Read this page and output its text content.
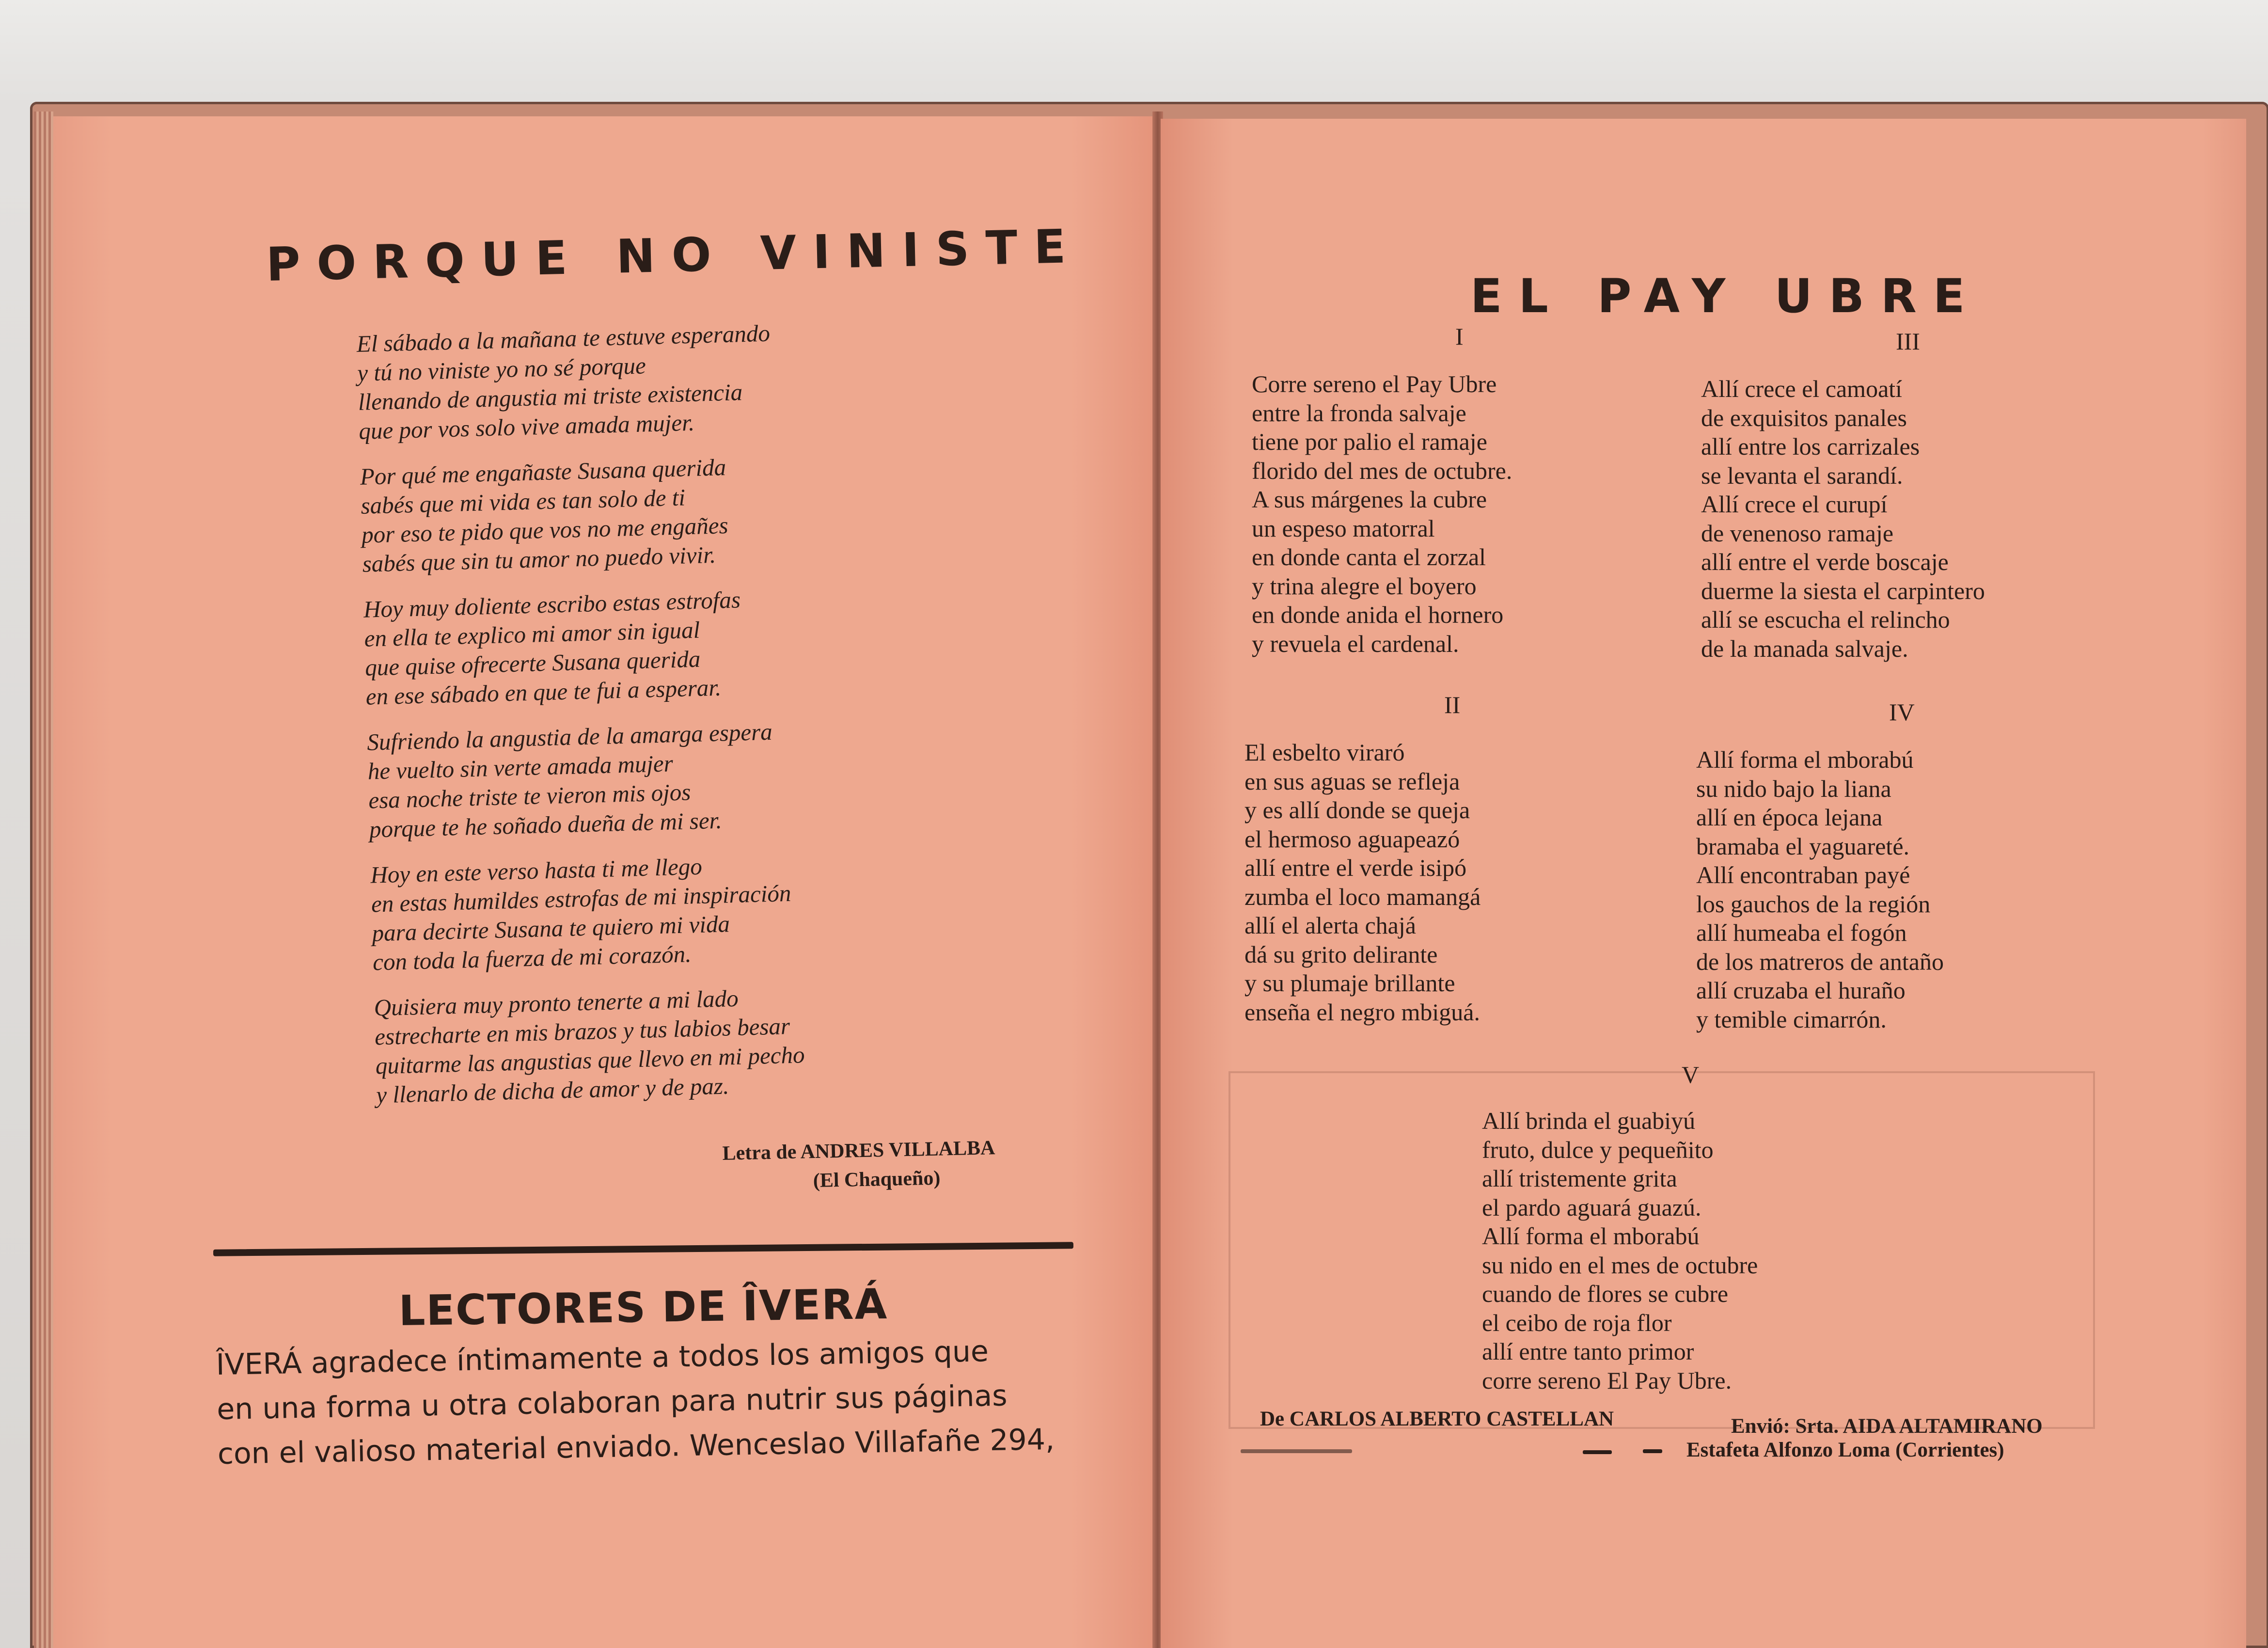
PORQUE NO VINISTE
El sábado a la mañana te estuve esperando
y tú no viniste yo no sé porque
llenando de angustia mi triste existencia
que por vos solo vive amada mujer.
Por qué me engañaste Susana querida
sabés que mi vida es tan solo de ti
por eso te pido que vos no me engañes
sabés que sin tu amor no puedo vivir.
Hoy muy doliente escribo estas estrofas
en ella te explico mi amor sin igual
que quise ofrecerte Susana querida
en ese sábado en que te fui a esperar.
Sufriendo la angustia de la amarga espera
he vuelto sin verte amada mujer
esa noche triste te vieron mis ojos
porque te he soñado dueña de mi ser.
Hoy en este verso hasta ti me llego
en estas humildes estrofas de mi inspiración
para decirte Susana te quiero mi vida
con toda la fuerza de mi corazón.
Quisiera muy pronto tenerte a mi lado
estrecharte en mis brazos y tus labios besar
quitarme las angustias que llevo en mi pecho
y llenarlo de dicha de amor y de paz.
Letra de ANDRES VILLALBA
(El Chaqueño)
LECTORES DE ÎVERÁ
ÎVERÁ agradece íntimamente a todos los amigos que
en una forma u otra colaboran para nutrir sus páginas
con el valioso material enviado. Wenceslao Villafañe 294,
EL PAY UBRE
I
Corre sereno el Pay Ubre
entre la fronda salvaje
tiene por palio el ramaje
florido del mes de octubre.
A sus márgenes la cubre
un espeso matorral
en donde canta el zorzal
y trina alegre el boyero
en donde anida el hornero
y revuela el cardenal.
III
Allí crece el camoatí
de exquisitos panales
allí entre los carrizales
se levanta el sarandí.
Allí crece el curupí
de venenoso ramaje
allí entre el verde boscaje
duerme la siesta el carpintero
allí se escucha el relincho
de la manada salvaje.
II
El esbelto viraró
en sus aguas se refleja
y es allí donde se queja
el hermoso aguapeazó
allí entre el verde isipó
zumba el loco mamangá
allí el alerta chajá
dá su grito delirante
y su plumaje brillante
enseña el negro mbiguá.
IV
Allí forma el mborabú
su nido bajo la liana
allí en época lejana
bramaba el yaguareté.
Allí encontraban payé
los gauchos de la región
allí humeaba el fogón
de los matreros de antaño
allí cruzaba el huraño
y temible cimarrón.
V
Allí brinda el guabiyú
fruto, dulce y pequeñito
allí tristemente grita
el pardo aguará guazú.
Allí forma el mborabú
su nido en el mes de octubre
cuando de flores se cubre
el ceibo de roja flor
allí entre tanto primor
corre sereno El Pay Ubre.
De CARLOS ALBERTO CASTELLAN	Envió: Srta. AIDA ALTAMIRANO
Estafeta Alfonzo Loma (Corrientes)
